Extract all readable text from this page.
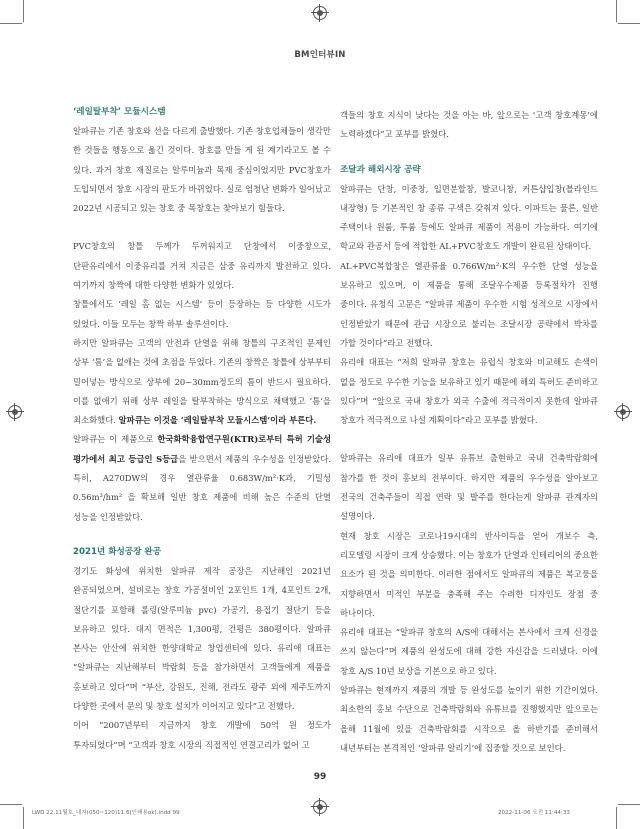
BM인터뷰IN
‘레일탈부착’ 모듈시스템

알파큐는 기존 창호와 선을 다르게 출발했다. 기존 창호업체들이 생각만 한 것들을 행동으로 옮긴 것이다. 창호를 만들 게 된 계기라고도 볼 수 있다. 과거 창호 재질로는 알루미늄과 목재 중심이었지만 PVC창호가 도입되면서 창호 시장의 판도가 바뀌었다. 실로 엄청난 변화가 일어났고 2022년 시공되고 있는 창호 중 목창호는 찾아보기 힘들다.

PVC창호의 창틀 두께가 두꺼워지고 단창에서 이중창으로, 단판유리에서 이중유리를 거쳐 지금은 삼중 유리까지 발전하고 있다. 여기까지 창짝에 대한 다양한 변화가 있었다.

창틀에서도 ‘레일 홈 없는 시스템’ 등이 등장하는 등 다양한 시도가 있었다. 이들 모두는 창짝 하부 솔루션이다.

하지만 알파큐는 고객의 안전과 단열을 위해 창틀의 구조적인 문제인 상부 ‘틈’을 없애는 것에 초점을 두었다. 기존의 창짝은 창틀에 상부부터 밀어넣는 방식으로 상부에 20~30mm정도의 틈이 반드시 필요하다. 이를 없애기 위해 상부 레일을 탈부착하는 방식으로 채택했고 ‘틈’을 최소화했다. 알파큐는 이것을 ‘레일탈부착 모듈시스템’이라 부른다.

알파큐는 이 제품으로 한국화학융합연구원(KTR)로부터 특허 기술성 평가에서 최고 등급인 S등급을 받으면서 제품의 우수성을 인정받았다. 특히, A270DW의 경우 열관류율 0.683W/m²·K과, 기밀성 0.56m³/hm² 을 확보해 일반 창호 제품에 비해 높은 수준의 단열 성능을 인정받았다.

2021년 화성공장 완공

경기도 화성에 위치한 알파큐 제작 공장은 지난해인 2021년 완공되었으며, 설비로는 창호 가공설비인 2포인트 1개, 4포인트 2개, 절단기를 포함해 롤링(알루미늄 pvc) 가공기, 용접기 절단기 등을 보유하고 있다. 대지 면적은 1,300평, 건평은 380평이다. 알파큐 본사는 안산에 위치한 한양대학교 창업센터에 있다. 유리애 대표는 “알파큐는 지난해부터 박람회 등을 참가하면서 고객들에게 제품을 홍보하고 있다”며 “부산, 강원도, 진해, 전라도 광주 외에 제주도까지 다양한 곳에서 문의 및 창호 설치가 이어지고 있다”고 전했다.

이어 “2007년부터 지금까지 창호 개발에 50억 원 정도가 투자되었다”며 “고객과 창호 시장의 직접적인 연결고리가 없어 고

객들의 창호 지식이 낮다는 것을 아는 바, 앞으로는 ‘고객 창호계몽’에 노력하겠다”고 포부를 밝혔다.

조달과 해외시장 공략

알파큐는 단창, 이중창, 입면분할창, 발코니창, 커튼샵입창(블라인드 내장형) 등 기본적인 창 종류 구색은 갖춰져 있다. 이파트는 물론, 일반 주택이나 원룸, 투룸 등에도 알파큐 제품이 적용이 가능하다. 여기에 학교와 관공서 등에 적합한 AL+PVC창호도 개발이 완료된 상태이다.

AL+PVC복합창은 열관류율 0.766W/m²·K의 우수한 단열 성능을 보유하고 있으며, 이 제품을 통해 조달우수제품 등록절차가 진행 중이다. 유청식 고문은 “알파큐 제품이 우수한 시험 성적으로 시장에서 인정받았기 때문에 관급 시장으로 불리는 조달시장 공략에서 박차를 가할 것이다”라고 전했다.

유리애 대표는 “저희 알파큐 창호는 유럽식 창호와 비교해도 손색이 없을 정도로 우수한 기능을 보유하고 있기 때문에 해외 특허도 준비하고 있다”며 “앞으로 국내 창호가 외국 수출에 적극적이지 못한데 알파큐 창호가 적극적으로 나설 계획이다”라고 포부를 밝혔다.

알파큐는 유리애 대표가 일부 유튜브 출현하고 국내 건축박람회에 참가를 한 것이 홍보의 전부이다. 하지만 제품의 우수성을 알아보고 전국의 건축주들이 직접 연락 및 발주를 한다는게 알파큐 관계자의 설명이다.

현재 창호 시장은 코로나19시대의 반사이득을 얻어 개보수 측, 리모델링 시장이 크게 상승했다. 이는 창호가 단열과 인테리어의 중요한 요소가 된 것을 의미한다. 이러한 점에서도 알파큐의 제품은 복고풍을 지향하면서 미적인 부분을 충족해 주는 수려한 디자인도 장점 중 하나이다.

유리애 대표는 “알파큐 창호의 A/S에 대해서는 본사에서 크게 신경을 쓰지 않는다”며 제품의 완성도에 대해 강한 자신감을 드러냈다. 이에 창호 A/S 10년 보상을 기본으로 하고 있다.

알파큐는 현재까지 제품의 개발 등 완성도를 높이기 위한 기간이었다. 최소한의 홍보 수단으로 건축박람회와 유튜브를 진행했지만 앞으로는 올해 11월에 있을 건축박람회를 시작으로 올 하반기를 준비해서 내년부터는 본격적인 ‘알파큐 알리기’에 집중할 것으로 보인다.

99
LWD 22.11월호_내지(050~120)11.6(인쇄용ok).indd 99	2022-11-06 오전 11:44:33
